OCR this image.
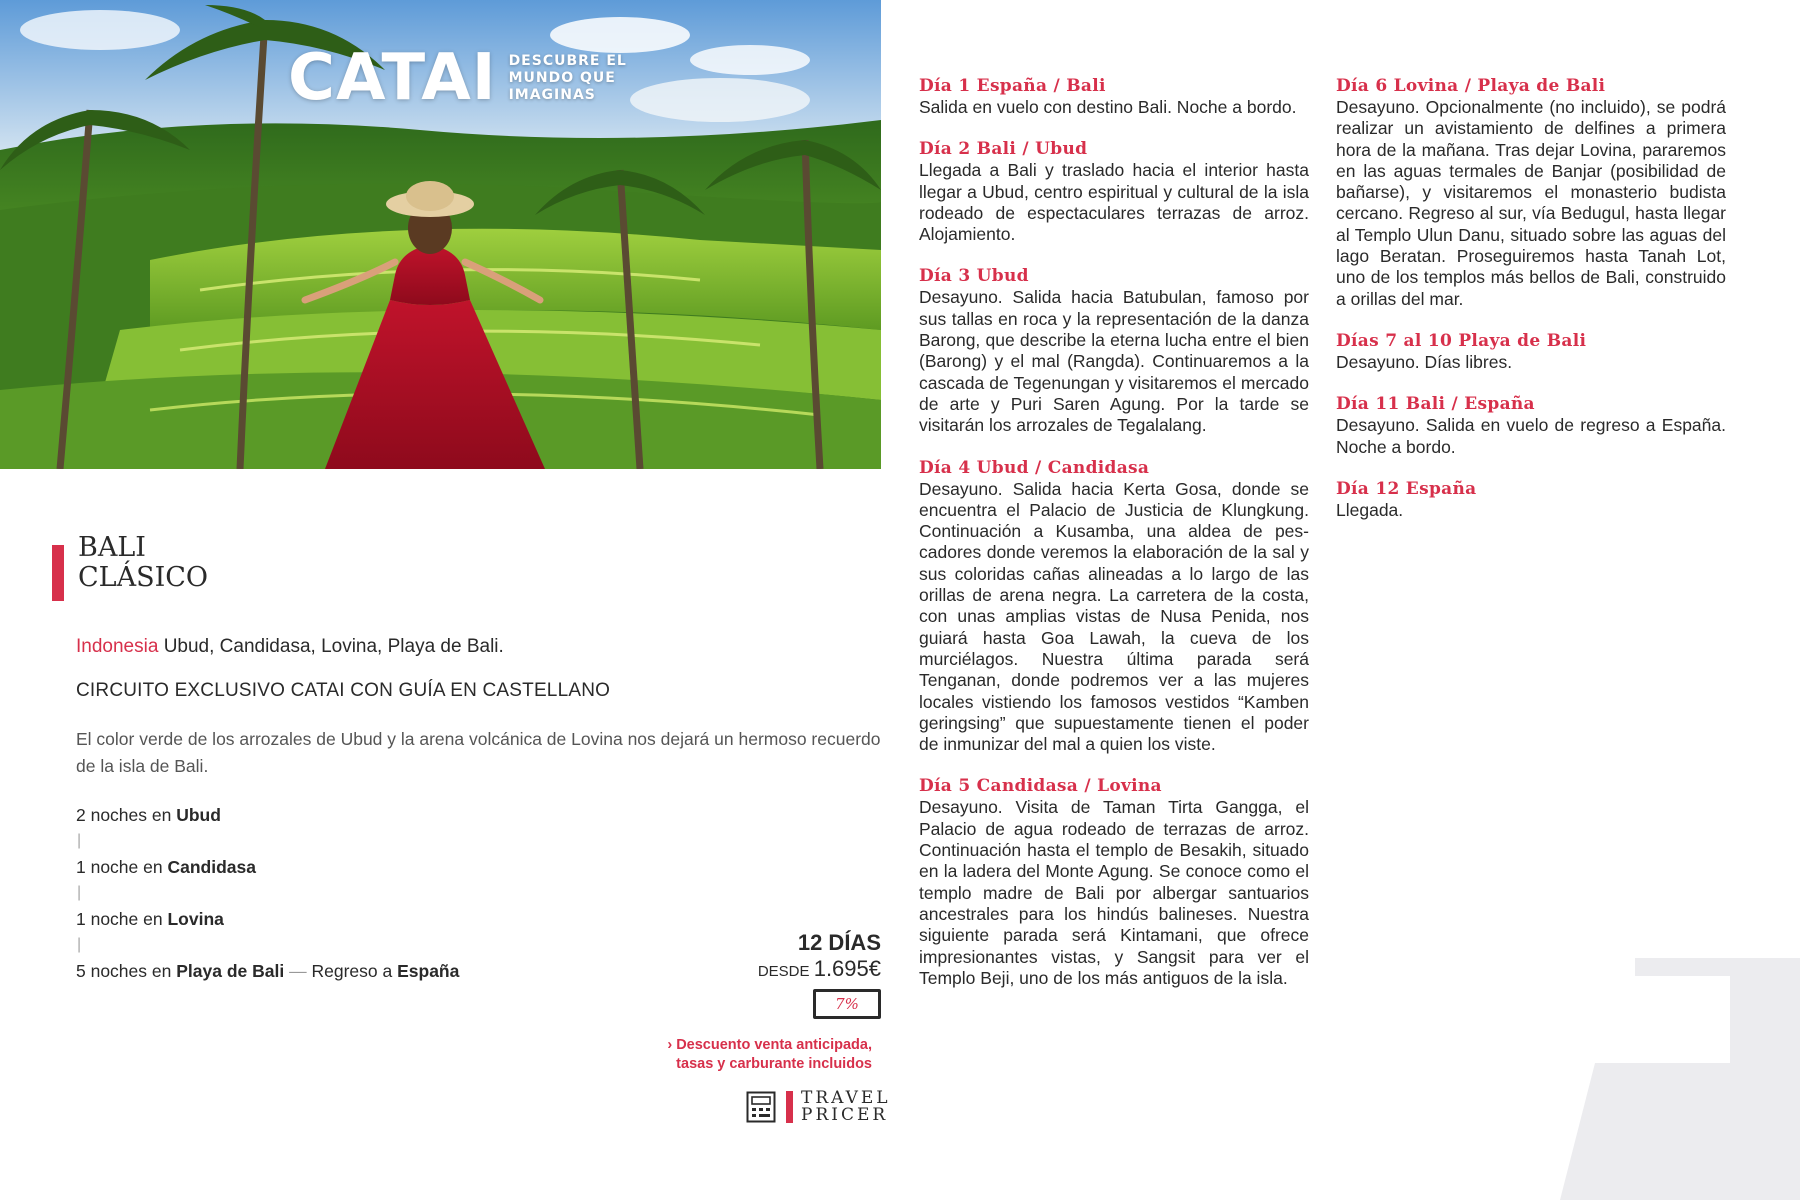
CATAI DESCUBRE EL
MUNDO QUE
IMAGINAS
BALI
CLÁSICO
Indonesia Ubud, Candidasa, Lovina, Playa de Bali.
CIRCUITO EXCLUSIVO CATAI CON GUÍA EN CASTELLANO
El color verde de los arrozales de Ubud y la arena volcánica de Lovina nos dejará un hermoso recuerdo de la isla de Bali.
2 noches en Ubud
|
1 noche en Candidasa
|
1 noche en Lovina
|
5 noches en Playa de Bali — Regreso a España
12 DÍAS
DESDE 1.695€
7%
› Descuento venta anticipada,
tasas y carburante incluidos
TRAVEL
PRICER
Día 1 España / Bali
Salida en vuelo con destino Bali. Noche a bordo.
Día 2 Bali / Ubud
Llegada a Bali y traslado hacia el interior hasta llegar a Ubud, centro espiritual y cultural de la isla rodeado de espectaculares terrazas de arroz. Alojamiento.
Día 3 Ubud
Desayuno. Salida hacia Batubulan, famoso por sus tallas en roca y la representación de la danza Barong, que describe la eterna lucha entre el bien (Barong) y el mal (Rangda). Continuaremos a la cascada de Tegenungan y visitaremos el mercado de arte y Puri Saren Agung. Por la tarde se visitarán los arrozales de Tegalalang.
Día 4 Ubud / Candidasa
Desayuno. Salida hacia Kerta Gosa, donde se encuentra el Palacio de Justicia de Klungkung. Continuación a Kusamba, una aldea de pescadores donde veremos la elaboración de la sal y sus coloridas cañas alineadas a lo largo de las orillas de arena negra. La carretera de la costa, con unas amplias vistas de Nusa Penida, nos guiará hasta Goa Lawah, la cueva de los murciélagos. Nuestra última parada será Tenganan, donde podremos ver a las mujeres locales vistiendo los famosos vestidos “Kamben geringsing” que supuestamente tienen el poder de inmunizar del mal a quien los viste.
Día 5 Candidasa / Lovina
Desayuno. Visita de Taman Tirta Gangga, el Palacio de agua rodeado de terrazas de arroz. Continuación hasta el templo de Besakih, situado en la ladera del Monte Agung. Se conoce como el templo madre de Bali por albergar santuarios ancestrales para los hindús balineses. Nuestra siguiente parada será Kintamani, que ofrece impresionantes vistas, y Sangsit para ver el Templo Beji, uno de los más antiguos de la isla.
Día 6 Lovina / Playa de Bali
Desayuno. Opcionalmente (no incluido), se podrá realizar un avistamiento de delfines a primera hora de la mañana. Tras dejar Lovina, pararemos en las aguas termales de Banjar (posibilidad de bañarse), y visitaremos el monasterio budista cercano. Regreso al sur, vía Bedugul, hasta llegar al Templo Ulun Danu, situado sobre las aguas del lago Beratan. Proseguiremos hasta Tanah Lot, uno de los templos más bellos de Bali, construido a orillas del mar.
Días 7 al 10 Playa de Bali
Desayuno. Días libres.
Día 11 Bali / España
Desayuno. Salida en vuelo de regreso a España. Noche a bordo.
Día 12 España
Llegada.
